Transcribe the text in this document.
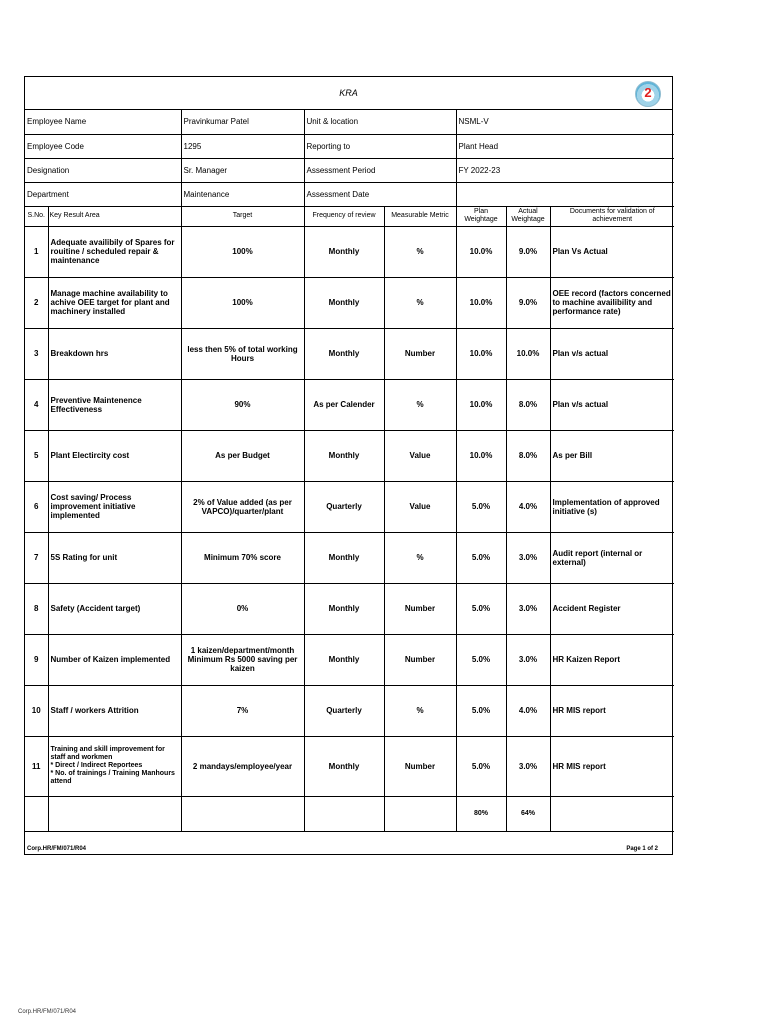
KRA	2
Employee Name	Pravinkumar Patel	Unit & location	NSML-V
Employee Code	1295	Reporting to	Plant Head
Designation	Sr. Manager	Assessment Period	FY 2022-23
Department	Maintenance	Assessment Date	
S.No.	Key Result Area	Target	Frequency of review	Measurable Metric	Plan Weightage	Actual Weightage	Documents for validation of achievement
1	Adequate availibily of Spares for rouitine / scheduled repair & maintenance	100%	Monthly	%	10.0%	9.0%	Plan Vs Actual
2	Manage machine availability to achive OEE target for plant and machinery installed	100%	Monthly	%	10.0%	9.0%	OEE record (factors concerned to machine availibility and performance rate)
3	Breakdown hrs	less then 5% of total working Hours	Monthly	Number	10.0%	10.0%	Plan v/s actual
4	Preventive Maintenence Effectiveness	90%	As per Calender	%	10.0%	8.0%	Plan v/s actual
5	Plant Electircity cost	As per Budget	Monthly	Value	10.0%	8.0%	As per Bill
6	Cost saving/ Process improvement initiative implemented	2% of Value added (as per VAPCO)/quarter/plant	Quarterly	Value	5.0%	4.0%	Implementation of approved initiative (s)
7	5S Rating for unit	Minimum 70% score	Monthly	%	5.0%	3.0%	Audit report (internal or external)
8	Safety (Accident target)	0%	Monthly	Number	5.0%	3.0%	Accident Register
9	Number of Kaizen implemented	1 kaizen/department/month Minimum Rs 5000 saving per kaizen	Monthly	Number	5.0%	3.0%	HR Kaizen Report
10	Staff / workers Attrition	7%	Quarterly	%	5.0%	4.0%	HR MIS report
11	Training and skill improvement for staff and workmen
* Direct / Indirect Reportees
* No. of trainings / Training Manhours attend	2 mandays/employee/year	Monthly	Number	5.0%	3.0%	HR MIS report
					80%	64%	
Corp.HR/FM/071/R04	Page 1 of 2
Corp.HR/FM/071/R04
